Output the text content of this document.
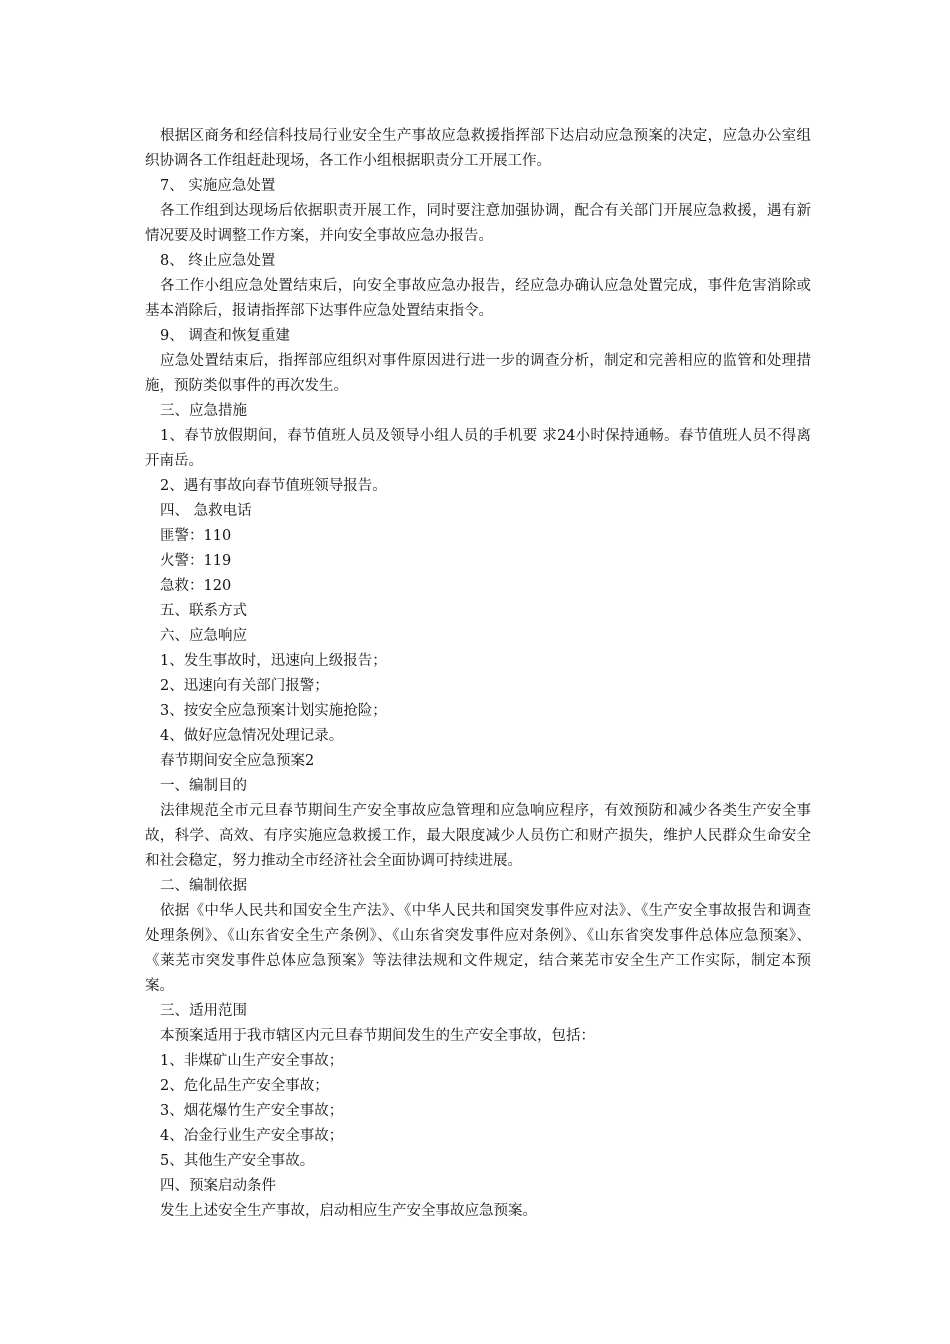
根据区商务和经信科技局行业安全生产事故应急救援指挥部下达启动应急预案的决定，应急办公室组织协调各工作组赶赴现场，各工作小组根据职责分工开展工作。

7、 实施应急处置

各工作组到达现场后依据职责开展工作，同时要注意加强协调，配合有关部门开展应急救援，遇有新情况要及时调整工作方案，并向安全事故应急办报告。

8、 终止应急处置

各工作小组应急处置结束后，向安全事故应急办报告，经应急办确认应急处置完成，事件危害消除或基本消除后，报请指挥部下达事件应急处置结束指令。

9、 调查和恢复重建

应急处置结束后，指挥部应组织对事件原因进行进一步的调查分析，制定和完善相应的监管和处理措施，预防类似事件的再次发生。

三、应急措施

1、春节放假期间，春节值班人员及领导小组人员的手机要 求24小时保持通畅。春节值班人员不得离开南岳。

2、遇有事故向春节值班领导报告。

四、 急救电话

匪警：110

火警：119

急救：120

五、联系方式

六、应急响应

1、发生事故时，迅速向上级报告；

2、迅速向有关部门报警；

3、按安全应急预案计划实施抢险；

4、做好应急情况处理记录。

春节期间安全应急预案2

一、编制目的

法律规范全市元旦春节期间生产安全事故应急管理和应急响应程序，有效预防和减少各类生产安全事故，科学、高效、有序实施应急救援工作，最大限度减少人员伤亡和财产损失，维护人民群众生命安全和社会稳定，努力推动全市经济社会全面协调可持续进展。

二、编制依据

依据《中华人民共和国安全生产法》、《中华人民共和国突发事件应对法》、《生产安全事故报告和调查处理条例》、《山东省安全生产条例》、《山东省突发事件应对条例》、《山东省突发事件总体应急预案》、《莱芜市突发事件总体应急预案》等法律法规和文件规定，结合莱芜市安全生产工作实际，制定本预案。

三、适用范围

本预案适用于我市辖区内元旦春节期间发生的生产安全事故，包括：

1、非煤矿山生产安全事故；

2、危化品生产安全事故；

3、烟花爆竹生产安全事故；

4、冶金行业生产安全事故；

5、其他生产安全事故。

四、预案启动条件

发生上述安全生产事故，启动相应生产安全事故应急预案。
